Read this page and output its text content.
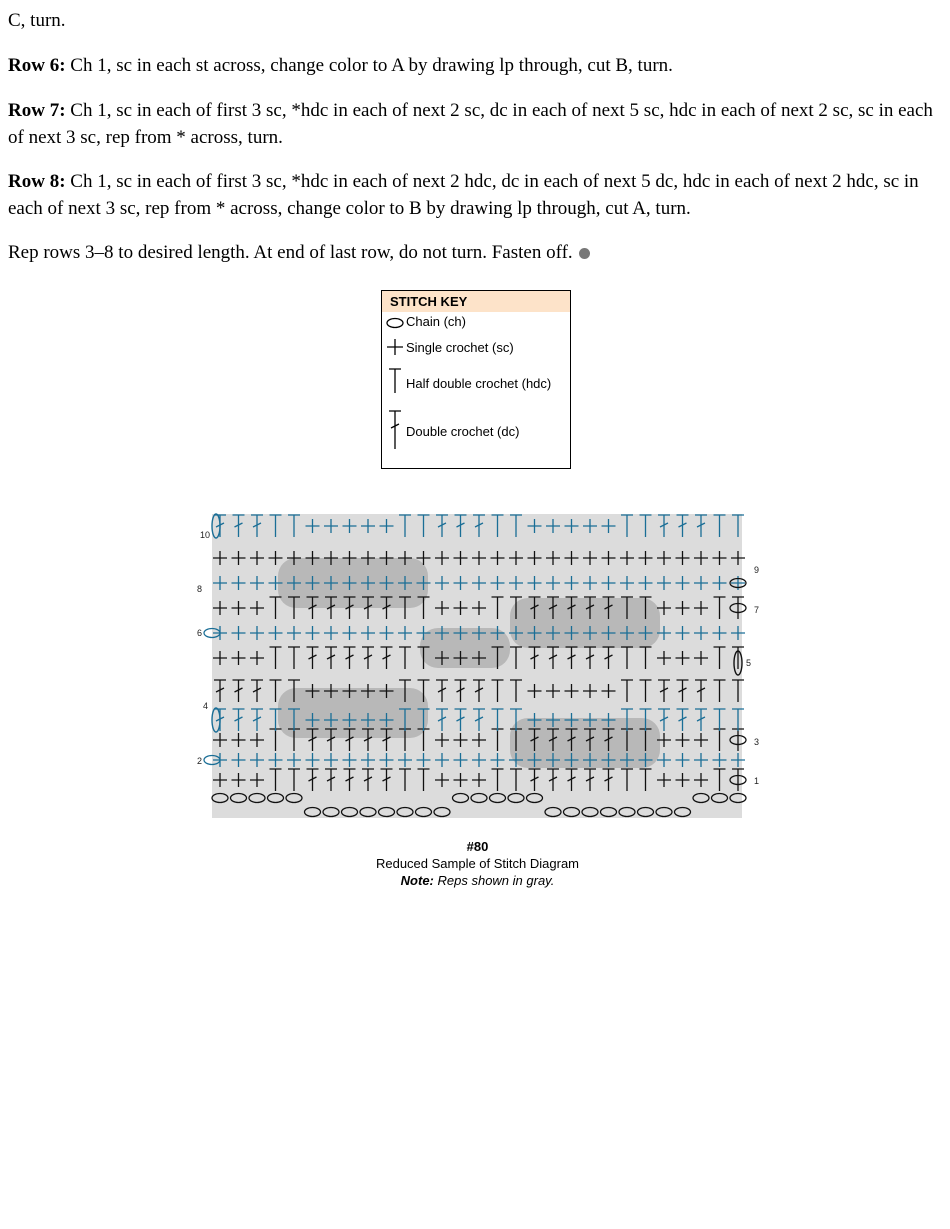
C, turn.
Row 6: Ch 1, sc in each st across, change color to A by drawing lp through, cut B, turn.
Row 7: Ch 1, sc in each of first 3 sc, *hdc in each of next 2 sc, dc in each of next 5 sc, hdc in each of next 2 sc, sc in each of next 3 sc, rep from * across, turn.
Row 8: Ch 1, sc in each of first 3 sc, *hdc in each of next 2 hdc, dc in each of next 5 dc, hdc in each of next 2 hdc, sc in each of next 3 sc, rep from * across, change color to B by drawing lp through, cut A, turn.
Rep rows 3–8 to desired length. At end of last row, do not turn. Fasten off.
STITCH KEY
Chain (ch)
Single crochet (sc)
Half double crochet (hdc)
Double crochet (dc)
1
2
3
4
5
6
7
8
9
10
#80
Reduced Sample of Stitch Diagram
Note: Reps shown in gray.
